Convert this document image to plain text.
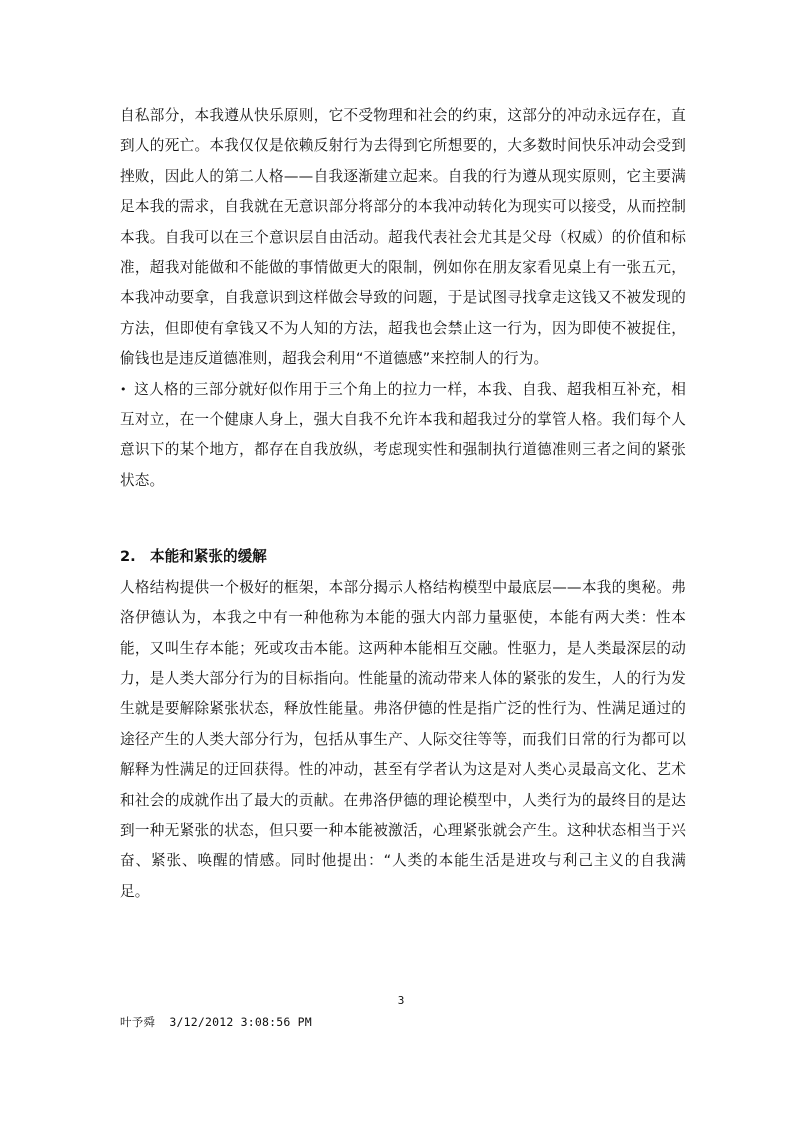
自私部分，本我遵从快乐原则，它不受物理和社会的约束，这部分的冲动永远存在，直到人的死亡。本我仅仅是依赖反射行为去得到它所想要的，大多数时间快乐冲动会受到挫败，因此人的第二人格——自我逐渐建立起来。自我的行为遵从现实原则，它主要满足本我的需求，自我就在无意识部分将部分的本我冲动转化为现实可以接受，从而控制本我。自我可以在三个意识层自由活动。超我代表社会尤其是父母（权威）的价值和标准，超我对能做和不能做的事情做更大的限制，例如你在朋友家看见桌上有一张五元，本我冲动要拿，自我意识到这样做会导致的问题，于是试图寻找拿走这钱又不被发现的方法，但即使有拿钱又不为人知的方法，超我也会禁止这一行为，因为即使不被捉住，偷钱也是违反道德准则，超我会利用“不道德感”来控制人的行为。

• 这人格的三部分就好似作用于三个角上的拉力一样，本我、自我、超我相互补充，相互对立，在一个健康人身上，强大自我不允许本我和超我过分的掌管人格。我们每个人意识下的某个地方，都存在自我放纵，考虑现实性和强制执行道德准则三者之间的紧张状态。

2. 本能和紧张的缓解

人格结构提供一个极好的框架，本部分揭示人格结构模型中最底层——本我的奥秘。弗洛伊德认为，本我之中有一种他称为本能的强大内部力量驱使，本能有两大类：性本能，又叫生存本能；死或攻击本能。这两种本能相互交融。性驱力，是人类最深层的动力，是人类大部分行为的目标指向。性能量的流动带来人体的紧张的发生，人的行为发生就是要解除紧张状态，释放性能量。弗洛伊德的性是指广泛的性行为、性满足通过的途径产生的人类大部分行为，包括从事生产、人际交往等等，而我们日常的行为都可以解释为性满足的迂回获得。性的冲动，甚至有学者认为这是对人类心灵最高文化、艺术和社会的成就作出了最大的贡献。在弗洛伊德的理论模型中，人类行为的最终目的是达到一种无紧张的状态，但只要一种本能被激活，心理紧张就会产生。这种状态相当于兴奋、紧张、唤醒的情感。同时他提出：“人类的本能生活是进攻与利己主义的自我满足。

3
叶予舜  3/12/2012 3:08:56 PM
